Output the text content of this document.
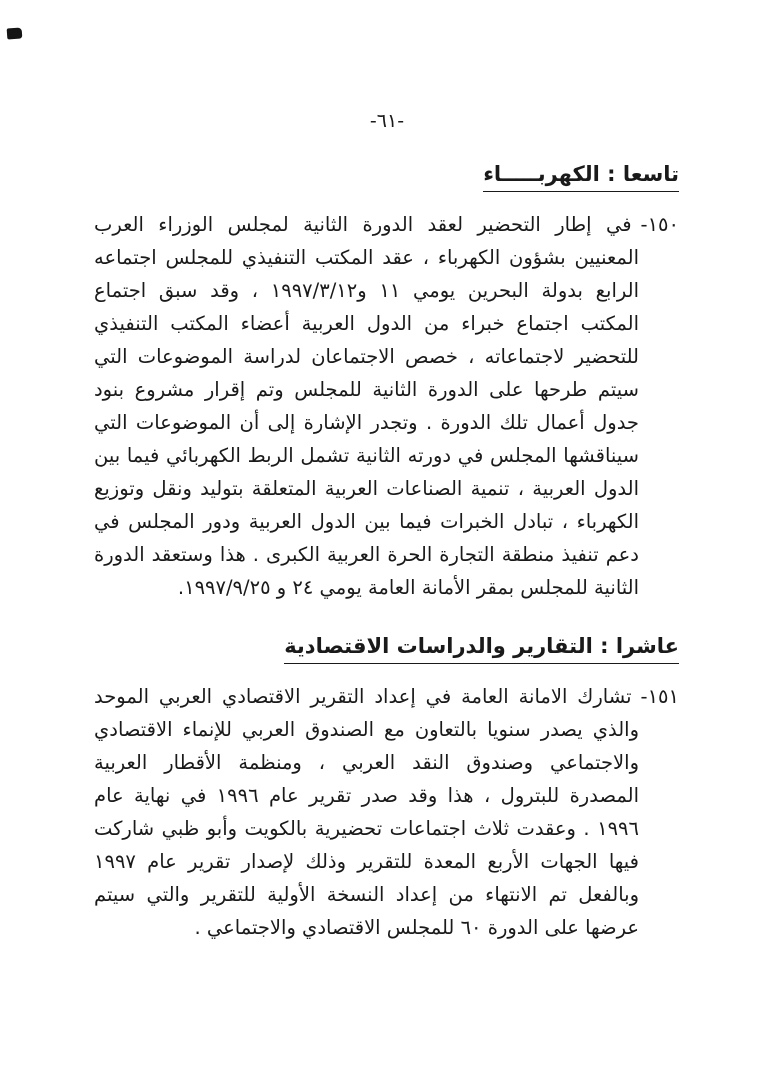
-٦١-
تاسعا : الكهربـــــاء

١٥٠-في إطار التحضير لعقد الدورة الثانية لمجلس الوزراء العرب المعنيين بشؤون الكهرباء ، عقد المكتب التنفيذي للمجلس اجتماعه الرابع بدولة البحرين يومي ١١ و١٩٩٧/٣/١٢ ، وقد سبق اجتماع المكتب اجتماع خبراء من الدول العربية أعضاء المكتب التنفيذي للتحضير لاجتماعاته ، خصص الاجتماعان لدراسة الموضوعات التي سيتم طرحها على الدورة الثانية للمجلس وتم إقرار مشروع بنود جدول أعمال تلك الدورة . وتجدر الإشارة إلى أن الموضوعات التي سيناقشها المجلس في دورته الثانية تشمل الربط الكهربائي فيما بين الدول العربية ، تنمية الصناعات العربية المتعلقة بتوليد ونقل وتوزيع الكهرباء ، تبادل الخبرات فيما بين الدول العربية ودور المجلس في دعم تنفيذ منطقة التجارة الحرة العربية الكبرى . هذا وستعقد الدورة الثانية للمجلس بمقر الأمانة العامة يومي ٢٤ و ١٩٩٧/٩/٢٥.

عاشرا : التقارير والدراسات الاقتصادية

١٥١-تشارك الامانة العامة في إعداد التقرير الاقتصادي العربي الموحد والذي يصدر سنويا بالتعاون مع الصندوق العربي للإنماء الاقتصادي والاجتماعي وصندوق النقد العربي ، ومنظمة الأقطار العربية المصدرة للبترول ، هذا وقد صدر تقرير عام ١٩٩٦ في نهاية عام ١٩٩٦ . وعقدت ثلاث اجتماعات تحضيرية بالكويت وأبو ظبي شاركت فيها الجهات الأربع المعدة للتقرير وذلك لإصدار تقرير عام ١٩٩٧ وبالفعل تم الانتهاء من إعداد النسخة الأولية للتقرير والتي سيتم عرضها على الدورة ٦٠ للمجلس الاقتصادي والاجتماعي .
